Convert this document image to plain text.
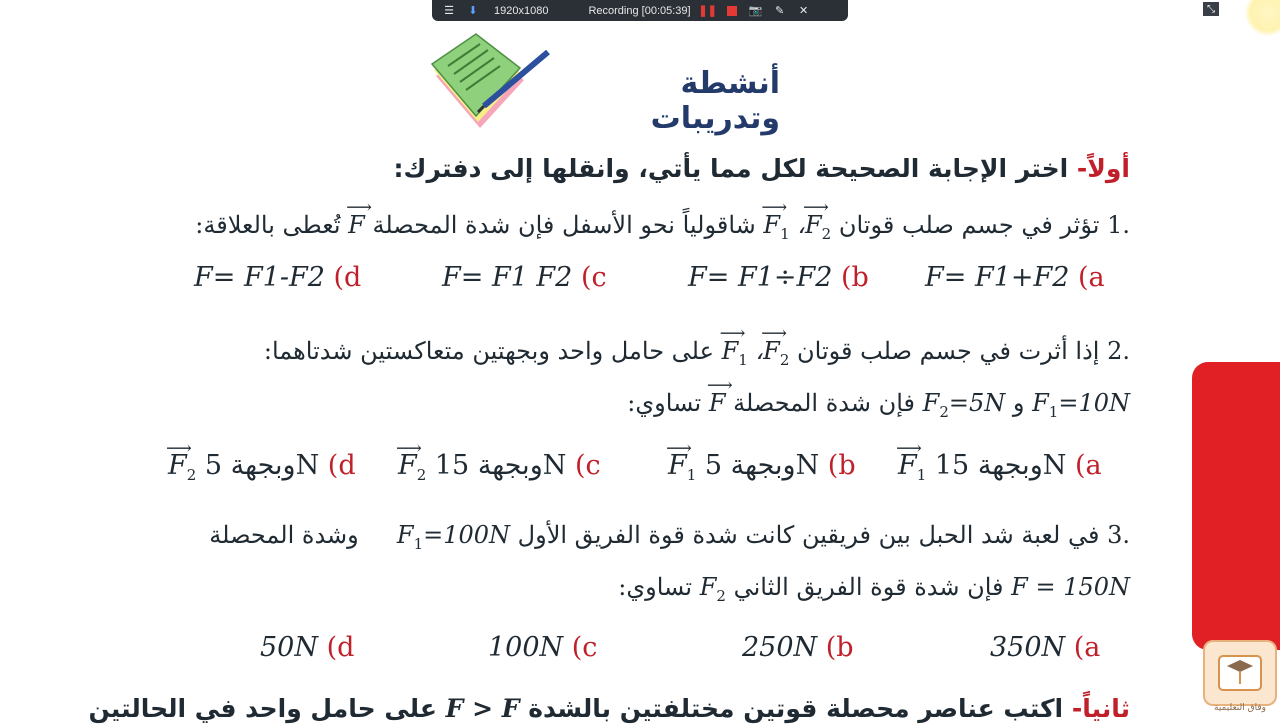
☰ ⬇ 1920x1080	Recording [00:05:39] ❚❚	📷 ✎ ✕	⤡
أنشطة وتدريبات
أولاً- اختر الإجابة الصحيحة لكل مما يأتي، وانقلها إلى دفترك:
.1 تؤثر في جسم صلب قوتان ⟶ $F_1$ ،⟶ $F_2$ شاقولياً نحو الأسفل فإن شدة المحصلة ⟶ F تُعطى بالعلاقة:
F= F1+F2 (a
F= F1÷F2 (b
F= F1 F2 (c
F= F1-F2 (d
.2 إذا أثرت في جسم صلب قوتان ⟶ $F_1$ ،⟶ $F_2$ على حامل واحد وبجهتين متعاكستين شدتاهما:
$F_1=10N$ و $F_2=5N$ فإن شدة المحصلة ⟶ F تساوي:
⟶ $F_1$ وبجهة 15N (a
⟶ $F_1$ وبجهة 5N (b
⟶ $F_2$ وبجهة 15N (c
⟶ $F_2$ وبجهة 5N (d
.3 في لعبة شد الحبل بين فريقين كانت شدة قوة الفريق الأول $F_1=100N$     وشدة المحصلة
F = 150N فإن شدة قوة الفريق الثاني $F_2$ تساوي:
350N (a
250N (b
100N (c
50N (d
ثانياً- اكتب عناصر محصلة قوتين مختلفتين بالشدة F > F على حامل واحد في الحالتين	وفاق التعليمية
